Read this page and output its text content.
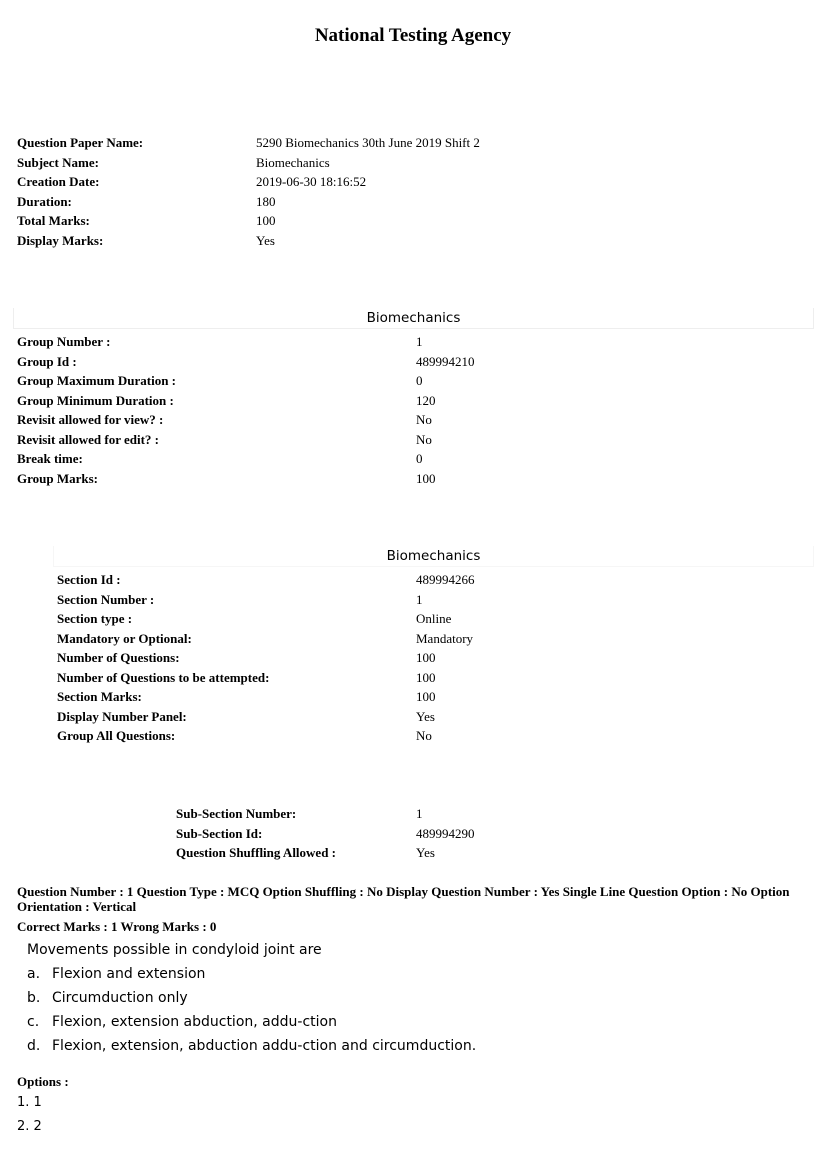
National Testing Agency
Question Paper Name:	5290 Biomechanics 30th June 2019 Shift 2
Subject Name:	Biomechanics
Creation Date:	2019-06-30 18:16:52
Duration:	180
Total Marks:	100
Display Marks:	Yes
Biomechanics
Group Number :	1
Group Id :	489994210
Group Maximum Duration :	0
Group Minimum Duration :	120
Revisit allowed for view? :	No
Revisit allowed for edit? :	No
Break time:	0
Group Marks:	100
Biomechanics
Section Id :	489994266
Section Number :	1
Section type :	Online
Mandatory or Optional:	Mandatory
Number of Questions:	100
Number of Questions to be attempted:	100
Section Marks:	100
Display Number Panel:	Yes
Group All Questions:	No
Sub-Section Number:	1
Sub-Section Id:	489994290
Question Shuffling Allowed :	Yes
Question Number : 1 Question Type : MCQ Option Shuffling : No Display Question Number : Yes Single Line Question Option : No Option Orientation : Vertical
Correct Marks : 1 Wrong Marks : 0
Movements possible in condyloid joint are
a. Flexion and extension
b. Circumduction only
c. Flexion, extension abduction, addu-ction
d. Flexion, extension, abduction addu-ction and circumduction.
Options :
1. 1
2. 2
